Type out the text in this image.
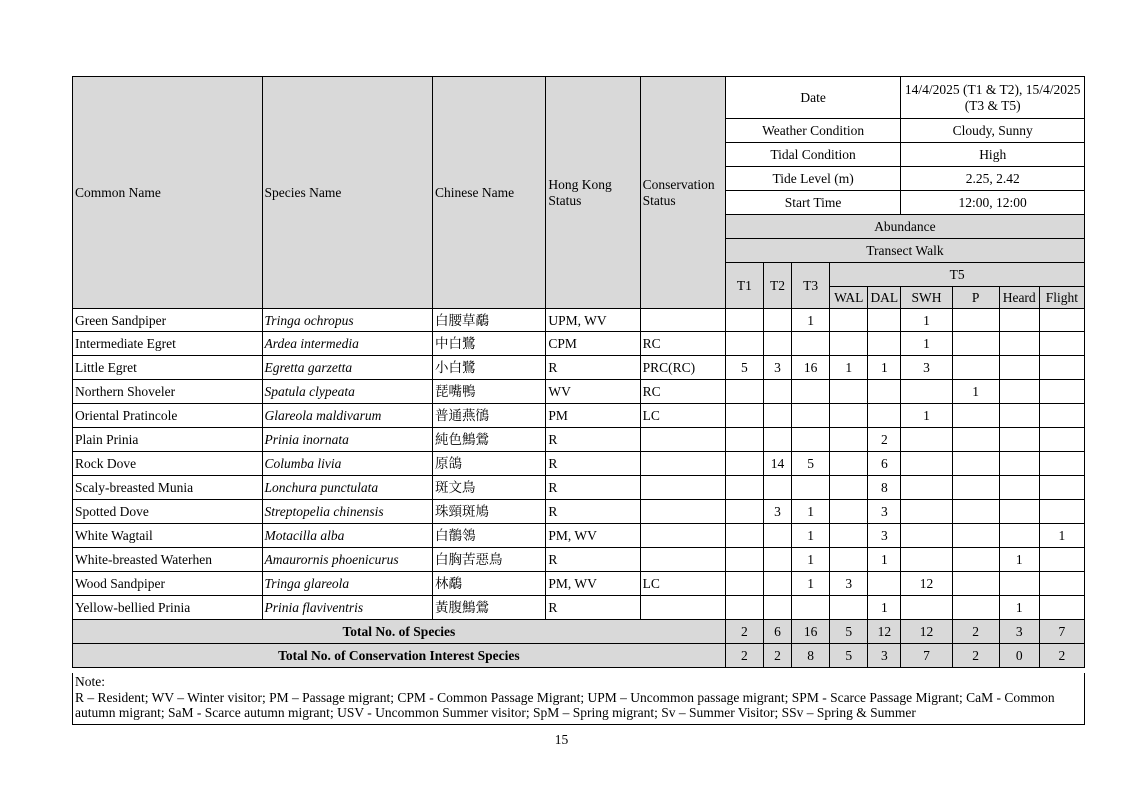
Common Name	Species Name	Chinese Name	Hong Kong Status	Conservation Status	Date					14/4/2025 (T1 & T2), 15/4/2025 (T3 & T5)			
					Weather Condition					Cloudy, Sunny			
					Tidal Condition					High			
					Tide Level (m)					2.25, 2.42			
					Start Time					12:00, 12:00			
					Abundance								
					Transect Walk								
					T1	T2	T3	T5					
								WAL	DAL	SWH	P	Heard	Flight
Green Sandpiper	Tringa ochropus	白腰草鷸	UPM, WV				1			1			
Intermediate Egret	Ardea intermedia	中白鷺	CPM	RC						1			
Little Egret	Egretta garzetta	小白鷺	R	PRC(RC)	5	3	16	1	1	3			
Northern Shoveler	Spatula clypeata	琵嘴鴨	WV	RC							1		
Oriental Pratincole	Glareola maldivarum	普通燕鴴	PM	LC						1			
Plain Prinia	Prinia inornata	純色鷦鶯	R						2				
Rock Dove	Columba livia	原鴿	R			14	5		6				
Scaly-breasted Munia	Lonchura punctulata	斑文鳥	R						8				
Spotted Dove	Streptopelia chinensis	珠頸斑鳩	R			3	1		3				
White Wagtail	Motacilla alba	白鶺鴒	PM, WV				1		3				1
White-breasted Waterhen	Amaurornis phoenicurus	白胸苦惡鳥	R				1		1			1	
Wood Sandpiper	Tringa glareola	林鷸	PM, WV	LC			1	3		12			
Yellow-bellied Prinia	Prinia flaviventris	黃腹鷦鶯	R						1			1	
Total No. of Species					2	6	16	5	12	12	2	3	7
Total No. of Conservation Interest Species					2	2	8	5	3	7	2	0	2
Note:
R – Resident; WV – Winter visitor; PM – Passage migrant; CPM - Common Passage Migrant; UPM – Uncommon passage migrant; SPM - Scarce Passage Migrant; CaM - Common autumn migrant; SaM - Scarce autumn migrant; USV - Uncommon Summer visitor; SpM – Spring migrant; Sv – Summer Visitor; SSv – Spring & Summer
15
